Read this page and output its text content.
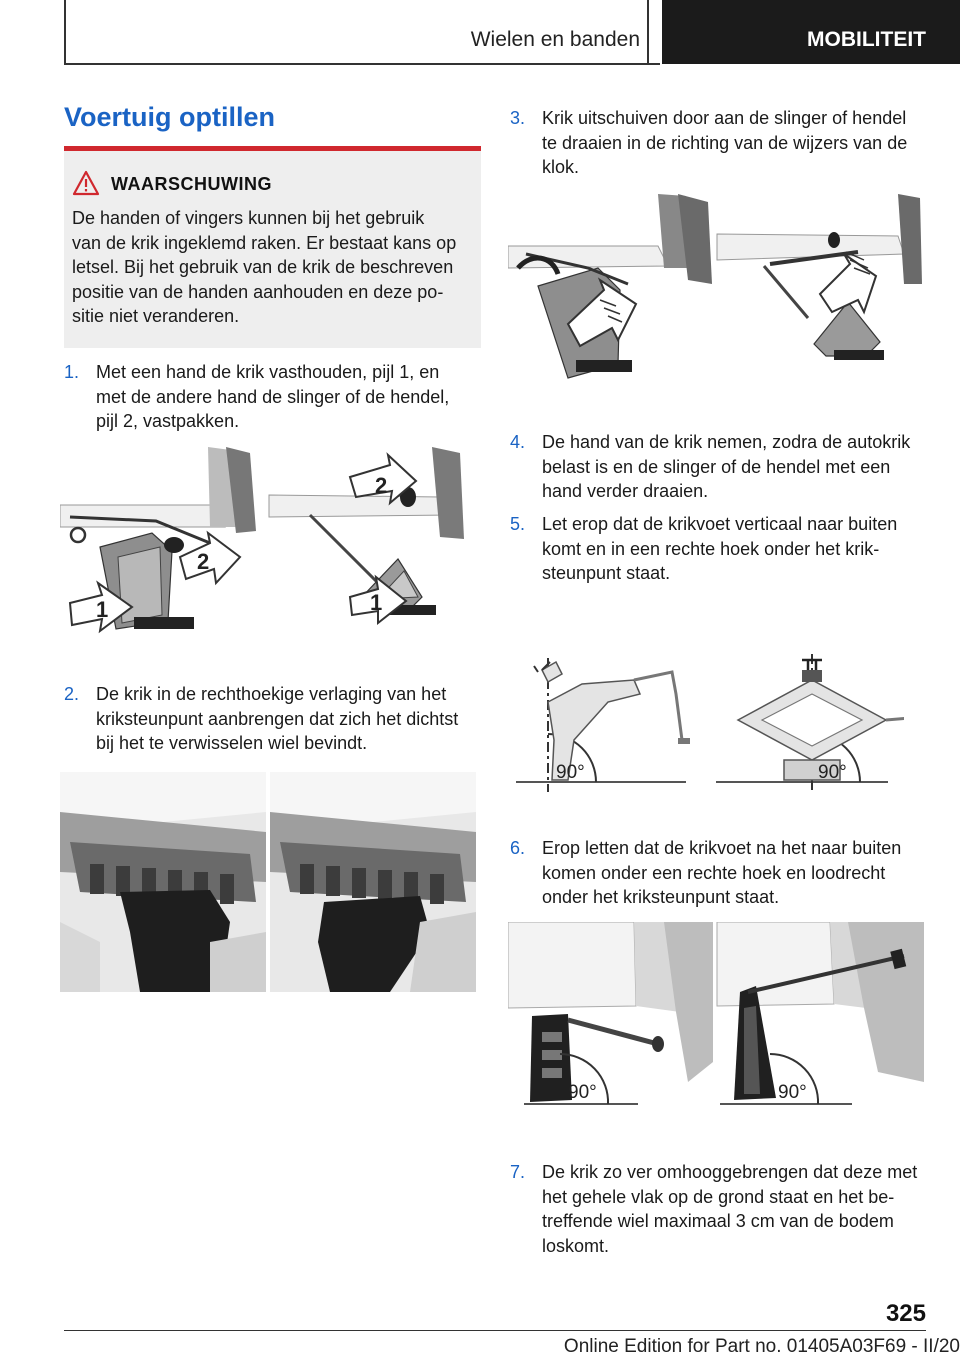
Wielen en banden	MOBILITEIT
Voertuig optillen
WAARSCHUWING
De handen of vingers kunnen bij het gebruik
van de krik ingeklemd raken. Er bestaat kans op
letsel. Bij het gebruik van de krik de beschreven
positie van de handen aanhouden en deze po-
sitie niet veranderen.
1. Met een hand de krik vasthouden, pijl 1, en
met de andere hand de slinger of de hendel,
pijl 2, vastpakken.
2
1
2
1
2. De krik in de rechthoekige verlaging van het
kriksteunpunt aanbrengen dat zich het dichtst
bij het te verwisselen wiel bevindt.
3. Krik uitschuiven door aan de slinger of hendel
te draaien in de richting van de wijzers van de
klok.
4. De hand van de krik nemen, zodra de autokrik
belast is en de slinger of de hendel met een
hand verder draaien.
5. Let erop dat de krikvoet verticaal naar buiten
komt en in een rechte hoek onder het krik-
steunpunt staat.
90°	90°
6. Erop letten dat de krikvoet na het naar buiten
komen onder een rechte hoek en loodrecht
onder het kriksteunpunt staat.
90°	90°
7. De krik zo ver omhooggebrengen dat deze met
het gehele vlak op de grond staat en het be-
treffende wiel maximaal 3 cm van de bodem
loskomt.
325
Online Edition for Part no. 01405A03F69 - II/20
